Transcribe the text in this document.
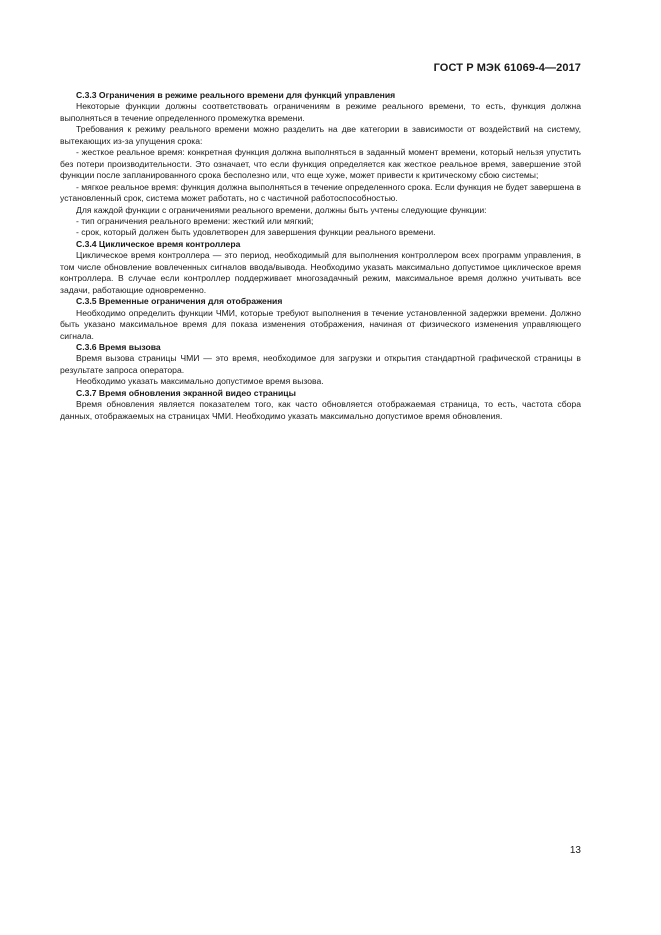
ГОСТ Р МЭК 61069-4—2017

С.3.3 Ограничения в режиме реального времени для функций управления

Некоторые функции должны соответствовать ограничениям в режиме реального времени, то есть, функция должна выполняться в течение определенного промежутка времени.

Требования к режиму реального времени можно разделить на две категории в зависимости от воздействий на систему, вытекающих из-за упущения срока:

- жесткое реальное время: конкретная функция должна выполняться в заданный момент времени, который нельзя упустить без потери производительности. Это означает, что если функция определяется как жесткое реальное время, завершение этой функции после запланированного срока бесполезно или, что еще хуже, может привести к критическому сбою системы;

- мягкое реальное время: функция должна выполняться в течение определенного срока. Если функция не будет завершена в установленный срок, система может работать, но с частичной работоспособностью.

Для каждой функции с ограничениями реального времени, должны быть учтены следующие функции:

- тип ограничения реального времени: жесткий или мягкий;

- срок, который должен быть удовлетворен для завершения функции реального времени.

С.3.4 Циклическое время контроллера

Циклическое время контроллера — это период, необходимый для выполнения контроллером всех программ управления, в том числе обновление вовлеченных сигналов ввода/вывода. Необходимо указать максимально допустимое циклическое время контроллера. В случае если контроллер поддерживает многозадачный режим, максимальное время должно учитывать все задачи, работающие одновременно.

С.3.5 Временные ограничения для отображения

Необходимо определить функции ЧМИ, которые требуют выполнения в течение установленной задержки времени. Должно быть указано максимальное время для показа изменения отображения, начиная от физического изменения управляющего сигнала.

С.3.6 Время вызова

Время вызова страницы ЧМИ — это время, необходимое для загрузки и открытия стандартной графической страницы в результате запроса оператора.

Необходимо указать максимально допустимое время вызова.

С.3.7 Время обновления экранной видео страницы

Время обновления является показателем того, как часто обновляется отображаемая страница, то есть, частота сбора данных, отображаемых на страницах ЧМИ. Необходимо указать максимально допустимое время обновления.

13
